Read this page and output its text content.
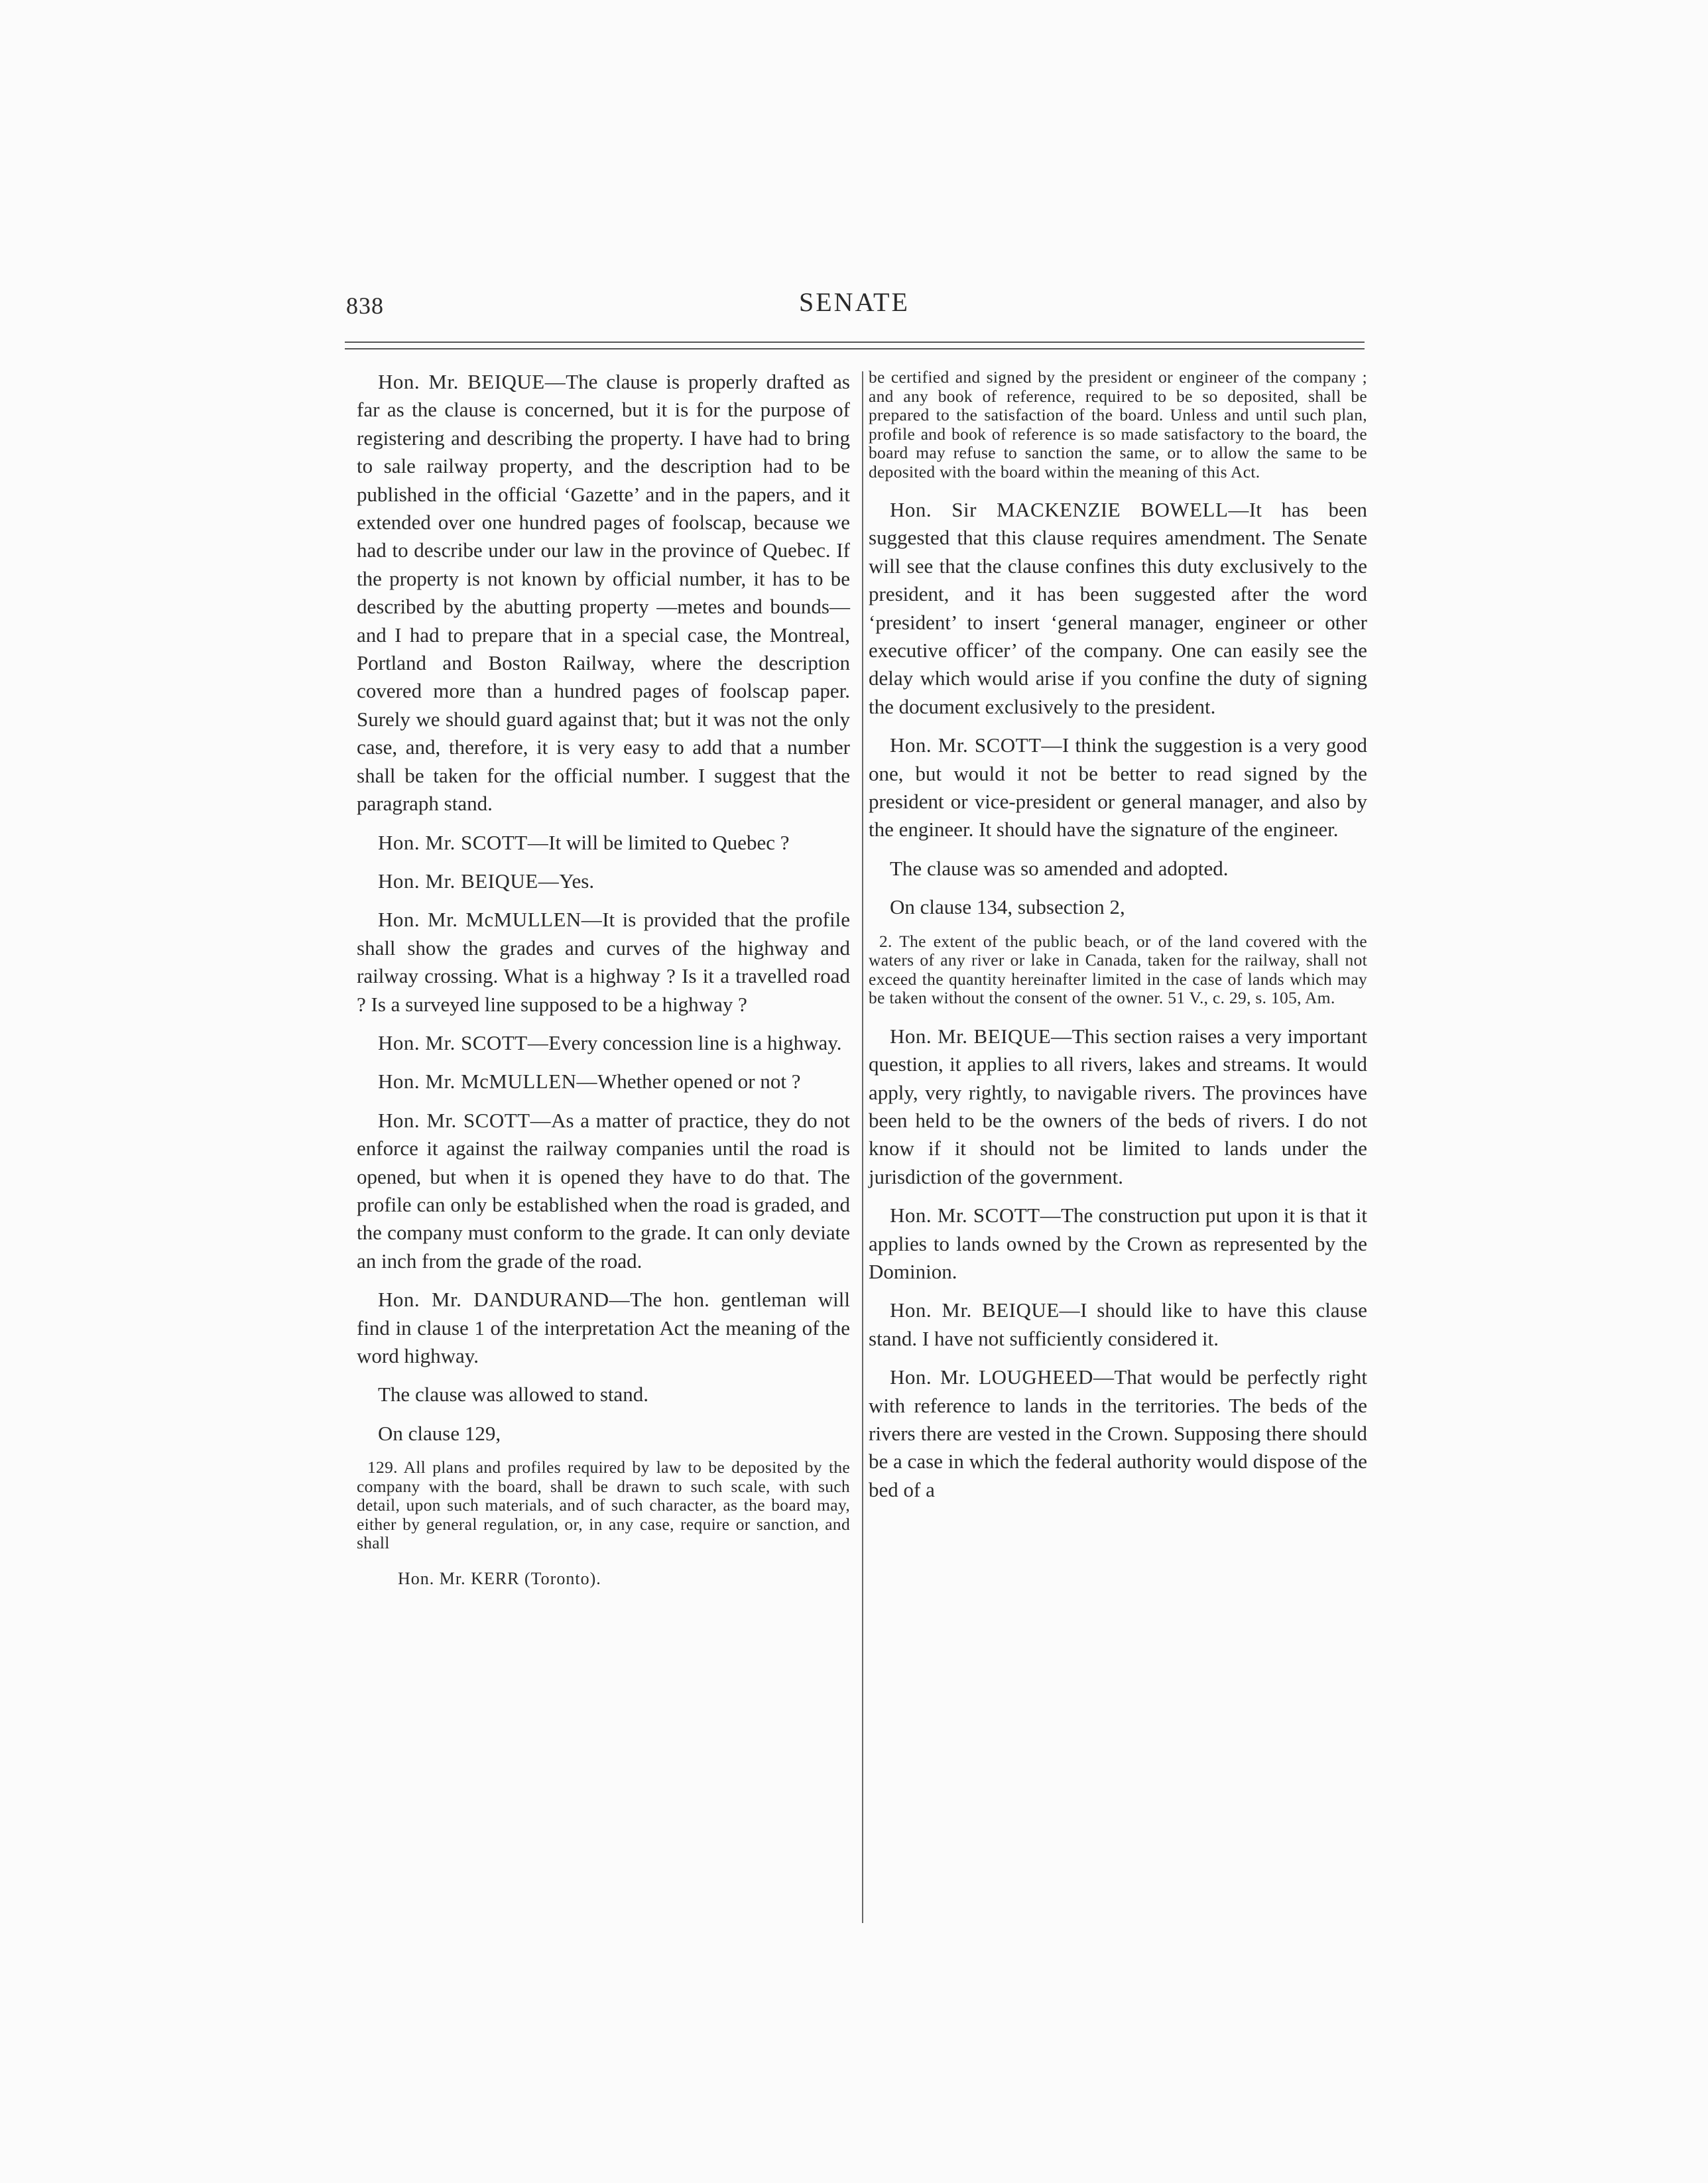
838	SENATE

Hon. Mr. BEIQUE—The clause is properly drafted as far as the clause is concerned, but it is for the purpose of registering and describing the property. I have had to bring to sale railway property, and the description had to be published in the official ‘Gazette’ and in the papers, and it extended over one hundred pages of foolscap, because we had to describe under our law in the province of Quebec. If the property is not known by official number, it has to be described by the abutting property —metes and bounds—and I had to prepare that in a special case, the Montreal, Portland and Boston Railway, where the description covered more than a hundred pages of foolscap paper. Surely we should guard against that; but it was not the only case, and, therefore, it is very easy to add that a number shall be taken for the official number. I suggest that the paragraph stand.

Hon. Mr. SCOTT—It will be limited to Quebec ?

Hon. Mr. BEIQUE—Yes.

Hon. Mr. McMULLEN—It is provided that the profile shall show the grades and curves of the highway and railway crossing. What is a highway ? Is it a travelled road ? Is a surveyed line supposed to be a highway ?

Hon. Mr. SCOTT—Every concession line is a highway.

Hon. Mr. McMULLEN—Whether opened or not ?

Hon. Mr. SCOTT—As a matter of practice, they do not enforce it against the railway companies until the road is opened, but when it is opened they have to do that. The profile can only be established when the road is graded, and the company must conform to the grade. It can only deviate an inch from the grade of the road.

Hon. Mr. DANDURAND—The hon. gentleman will find in clause 1 of the interpretation Act the meaning of the word highway.

The clause was allowed to stand.

On clause 129,

129. All plans and profiles required by law to be deposited by the company with the board, shall be drawn to such scale, with such detail, upon such materials, and of such character, as the board may, either by general regulation, or, in any case, require or sanction, and shall

Hon. Mr. KERR (Toronto).

be certified and signed by the president or engineer of the company ; and any book of reference, required to be so deposited, shall be prepared to the satisfaction of the board. Unless and until such plan, profile and book of reference is so made satisfactory to the board, the board may refuse to sanction the same, or to allow the same to be deposited with the board within the meaning of this Act.

Hon. Sir MACKENZIE BOWELL—It has been suggested that this clause requires amendment. The Senate will see that the clause confines this duty exclusively to the president, and it has been suggested after the word ‘president’ to insert ‘general manager, engineer or other executive officer’ of the company. One can easily see the delay which would arise if you confine the duty of signing the document exclusively to the president.

Hon. Mr. SCOTT—I think the suggestion is a very good one, but would it not be better to read signed by the president or vice-president or general manager, and also by the engineer. It should have the signature of the engineer.

The clause was so amended and adopted.

On clause 134, subsection 2,

2. The extent of the public beach, or of the land covered with the waters of any river or lake in Canada, taken for the railway, shall not exceed the quantity hereinafter limited in the case of lands which may be taken without the consent of the owner. 51 V., c. 29, s. 105, Am.

Hon. Mr. BEIQUE—This section raises a very important question, it applies to all rivers, lakes and streams. It would apply, very rightly, to navigable rivers. The provinces have been held to be the owners of the beds of rivers. I do not know if it should not be limited to lands under the jurisdiction of the government.

Hon. Mr. SCOTT—The construction put upon it is that it applies to lands owned by the Crown as represented by the Dominion.

Hon. Mr. BEIQUE—I should like to have this clause stand. I have not sufficiently considered it.

Hon. Mr. LOUGHEED—That would be perfectly right with reference to lands in the territories. The beds of the rivers there are vested in the Crown. Supposing there should be a case in which the federal authority would dispose of the bed of a
